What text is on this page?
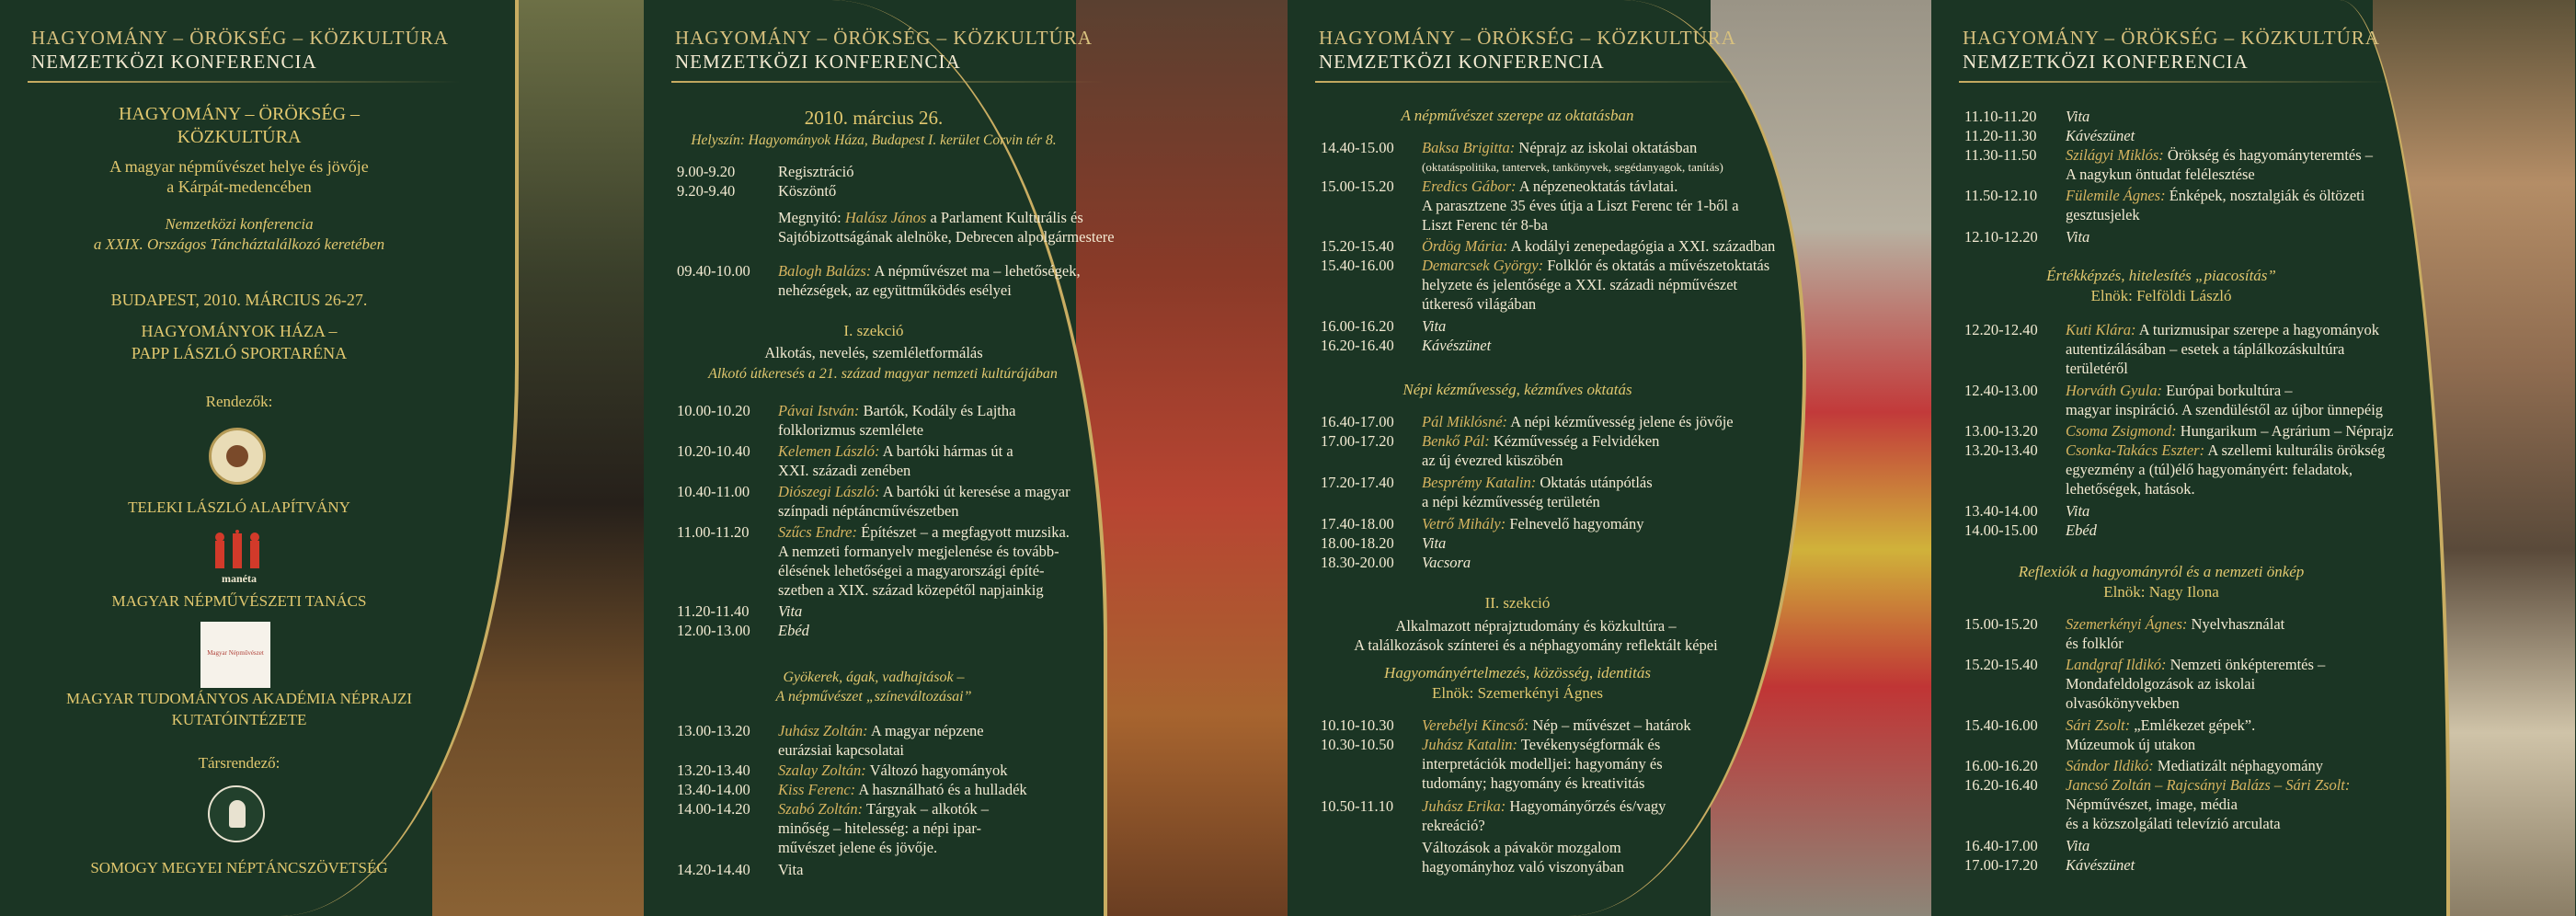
HAGYOMÁNY – ÖRÖKSÉG – KÖZKULTÚRA
NEMZETKÖZI KONFERENCIA
HAGYOMÁNY – ÖRÖKSÉG –
KÖZKULTÚRA
A magyar népművészet helye és jövője
a Kárpát-medencében
Nemzetközi konferencia
a XXIX. Országos Táncháztalálkozó keretében
BUDAPEST, 2010. MÁRCIUS 26-27.
HAGYOMÁNYOK HÁZA –
PAPP LÁSZLÓ SPORTARÉNA
Rendezők:
TELEKI LÁSZLÓ ALAPÍTVÁNY
manéta
MAGYAR NÉPMŰVÉSZETI TANÁCS
Magyar Népművészet
MAGYAR TUDOMÁNYOS AKADÉMIA NÉPRAJZI
KUTATÓINTÉZETE
Társrendező:
SOMOGY MEGYEI NÉPTÁNCSZÖVETSÉG
HAGYOMÁNY – ÖRÖKSÉG – KÖZKULTÚRA
NEMZETKÖZI KONFERENCIA
2010. március 26.
Helyszín: Hagyományok Háza, Budapest I. kerület Corvin tér 8.
9.00-9.20	Regisztráció
9.20-9.40	Köszöntő
Megnyitó: Halász János a Parlament Kulturális és
Sajtóbizottságának alelnöke, Debrecen alpolgármestere
09.40-10.00	Balogh Balázs: A népművészet ma – lehetőségek,
nehézségek, az együttműködés esélyei
I. szekció
Alkotás, nevelés, szemléletformálás
Alkotó útkeresés a 21. század magyar nemzeti kultúrájában
10.00-10.20	Pávai István: Bartók, Kodály és Lajtha
folklorizmus szemlélete
10.20-10.40	Kelemen László: A bartóki hármas út a
XXI. századi zenében
10.40-11.00	Diószegi László: A bartóki út keresése a magyar
színpadi néptáncművészetben
11.00-11.20	Szűcs Endre: Építészet – a megfagyott muzsika.
A nemzeti formanyelv megjelenése és tovább-
élésének lehetőségei a magyarországi építé-
szetben a XIX. század közepétől napjainkig
11.20-11.40	Vita
12.00-13.00	Ebéd
Gyökerek, ágak, vadhajtások –
A népművészet „színeváltozásai”
13.00-13.20	Juhász Zoltán: A magyar népzene
eurázsiai kapcsolatai
13.20-13.40	Szalay Zoltán: Változó hagyományok
13.40-14.00	Kiss Ferenc: A használható és a hulladék
14.00-14.20	Szabó Zoltán: Tárgyak – alkotók –
minőség – hitelesség: a népi ipar-
művészet jelene és jövője.
14.20-14.40	Vita
HAGYOMÁNY – ÖRÖKSÉG – KÖZKULTÚRA
NEMZETKÖZI KONFERENCIA
A népművészet szerepe az oktatásban
14.40-15.00	Baksa Brigitta: Néprajz az iskolai oktatásban
(oktatáspolitika, tantervek, tankönyvek, segédanyagok, tanítás)
15.00-15.20	Eredics Gábor: A népzeneoktatás távlatai.
A parasztzene 35 éves útja a Liszt Ferenc tér 1-ből a
Liszt Ferenc tér 8-ba
15.20-15.40	Ördög Mária: A kodályi zenepedagógia a XXI. században
15.40-16.00	Demarcsek György: Folklór és oktatás a művészetoktatás
helyzete és jelentősége a XXI. századi népművészet
útkereső világában
16.00-16.20	Vita
16.20-16.40	Kávészünet
Népi kézművesség, kézműves oktatás
16.40-17.00	Pál Miklósné: A népi kézművesség jelene és jövője
17.00-17.20	Benkő Pál: Kézművesség a Felvidéken
az új évezred küszöbén
17.20-17.40	Besprémy Katalin: Oktatás utánpótlás
a népi kézművesség területén
17.40-18.00	Vetrő Mihály: Felnevelő hagyomány
18.00-18.20	Vita
18.30-20.00	Vacsora
II. szekció
Alkalmazott néprajztudomány és közkultúra –
A találkozások színterei és a néphagyomány reflektált képei
Hagyományértelmezés, közösség, identitás
Elnök: Szemerkényi Ágnes
10.10-10.30	Verebélyi Kincső: Nép – művészet – határok
10.30-10.50	Juhász Katalin: Tevékenységformák és
interpretációk modelljei: hagyomány és
tudomány; hagyomány és kreativitás
10.50-11.10	Juhász Erika: Hagyományőrzés és/vagy
rekreáció?
Változások a pávakör mozgalom
hagyományhoz való viszonyában
HAGYOMÁNY – ÖRÖKSÉG – KÖZKULTÚRA
NEMZETKÖZI KONFERENCIA
11.10-11.20	Vita
11.20-11.30	Kávészünet
11.30-11.50	Szilágyi Miklós: Örökség és hagyományteremtés –
A nagykun öntudat felélesztése
11.50-12.10	Fülemile Ágnes: Énképek, nosztalgiák és öltözeti
gesztusjelek
12.10-12.20	Vita
Értékképzés, hitelesítés „piacosítás”
Elnök: Felföldi László
12.20-12.40	Kuti Klára: A turizmusipar szerepe a hagyományok
autentizálásában – esetek a táplálkozáskultúra
területéről
12.40-13.00	Horváth Gyula: Európai borkultúra –
magyar inspiráció. A szendüléstől az újbor ünnepéig
13.00-13.20	Csoma Zsigmond: Hungarikum – Agrárium – Néprajz
13.20-13.40	Csonka-Takács Eszter: A szellemi kulturális örökség
egyezmény a (túl)élő hagyományért: feladatok,
lehetőségek, hatások.
13.40-14.00	Vita
14.00-15.00	Ebéd
Reflexiók a hagyományról és a nemzeti önkép
Elnök: Nagy Ilona
15.00-15.20	Szemerkényi Ágnes: Nyelvhasználat
és folklór
15.20-15.40	Landgraf Ildikó: Nemzeti önképteremtés –
Mondafeldolgozások az iskolai
olvasókönyvekben
15.40-16.00	Sári Zsolt: „Emlékezet gépek”.
Múzeumok új utakon
16.00-16.20	Sándor Ildikó: Mediatizált néphagyomány
16.20-16.40	Jancsó Zoltán – Rajcsányi Balázs – Sári Zsolt:
Népművészet, image, média
és a közszolgálati televízió arculata
16.40-17.00	Vita
17.00-17.20	Kávészünet
